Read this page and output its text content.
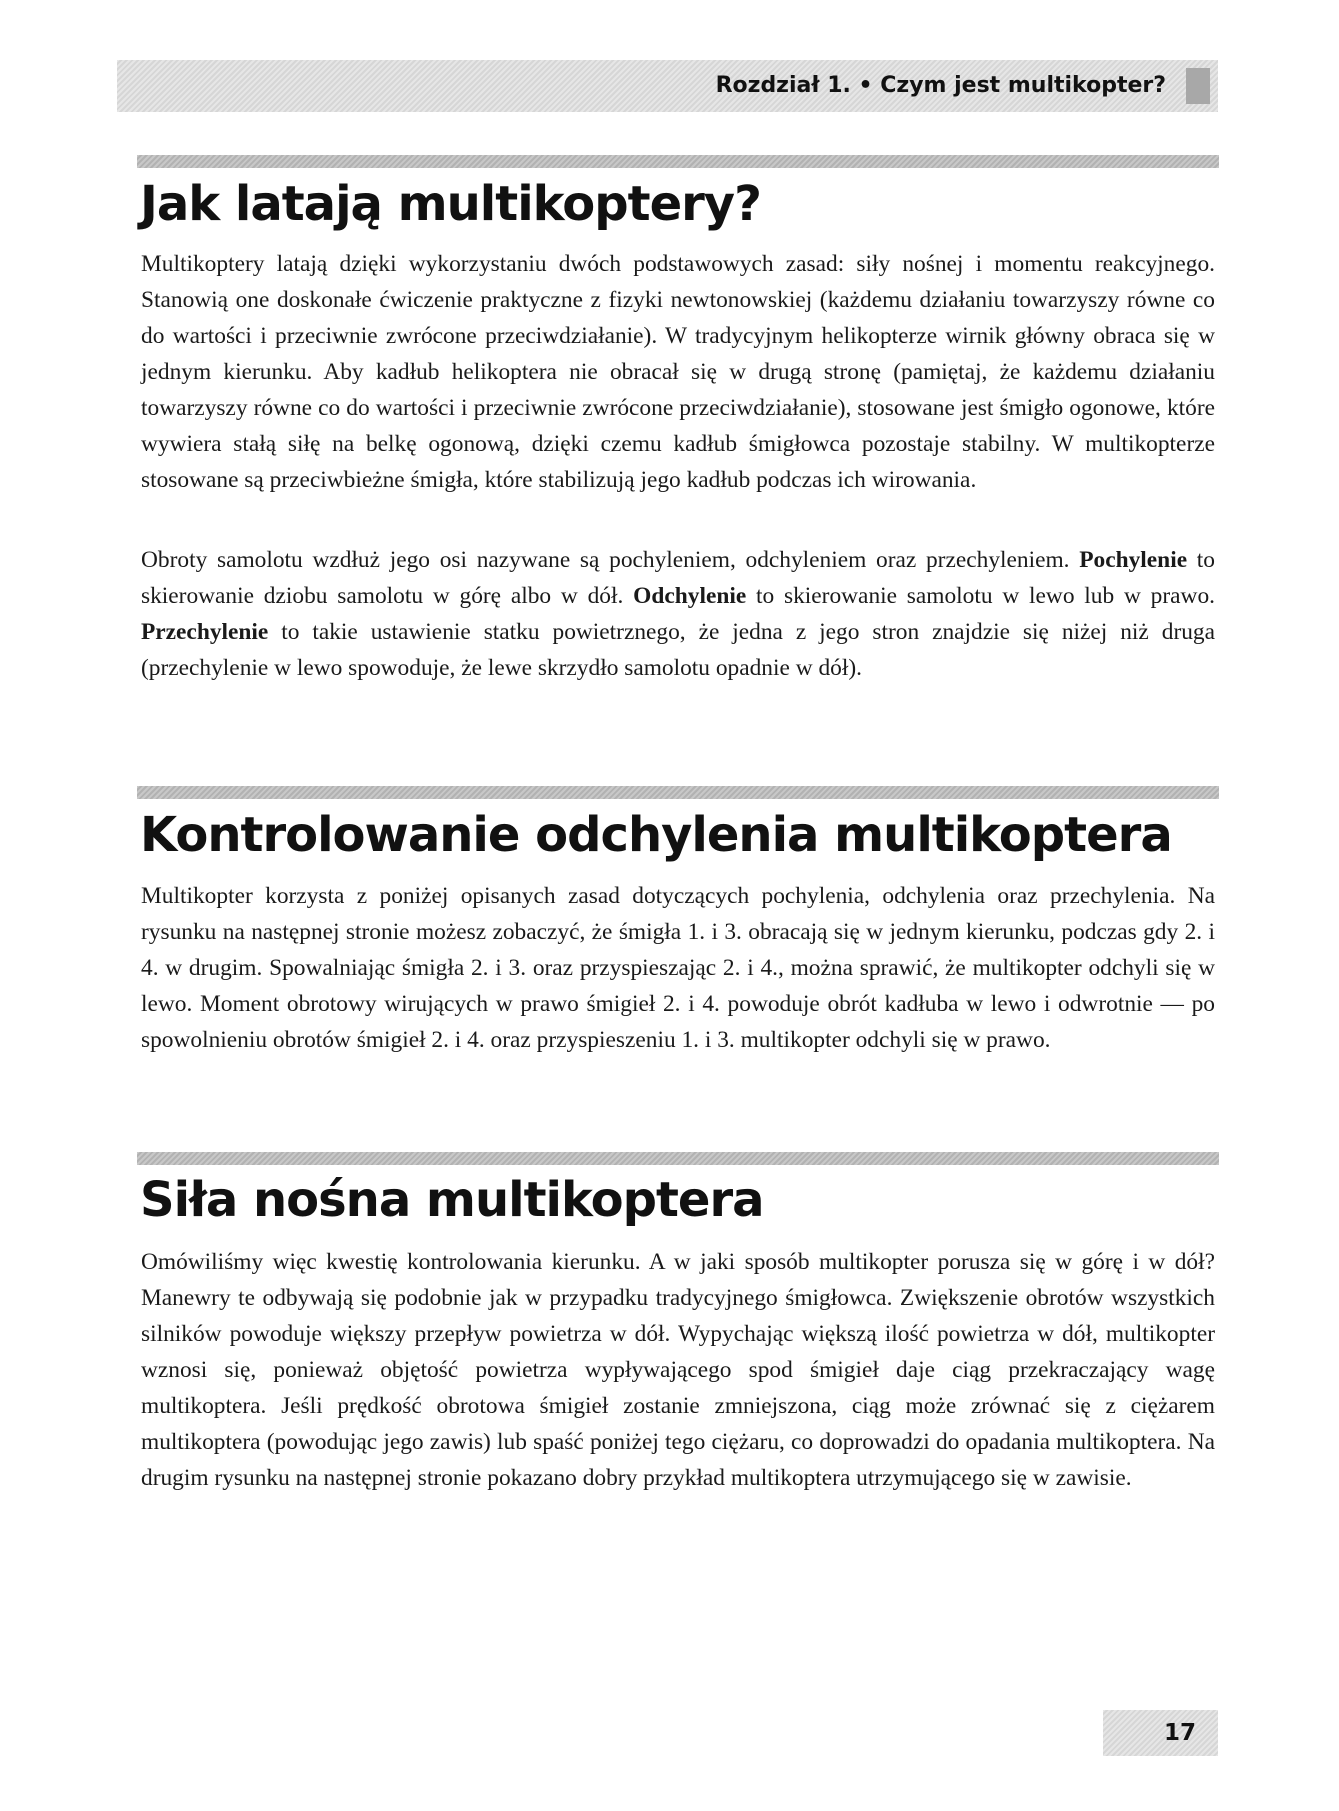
Rozdział 1. • Czym jest multikopter?
Jak latają multikoptery?

Multikoptery latają dzięki wykorzystaniu dwóch podstawowych zasad: siły nośnej i momentu reakcyjnego. Stanowią one doskonałe ćwiczenie praktyczne z fizyki newtonowskiej (każdemu działaniu towarzyszy równe co do wartości i przeciwnie zwrócone przeciwdziałanie). W tradycyjnym helikopterze wirnik główny obraca się w jednym kierunku. Aby kadłub helikoptera nie obracał się w drugą stronę (pamiętaj, że każdemu działaniu towarzyszy równe co do wartości i przeciwnie zwrócone przeciwdziałanie), stosowane jest śmigło ogonowe, które wywiera stałą siłę na belkę ogonową, dzięki czemu kadłub śmigłowca pozostaje stabilny. W multikopterze stosowane są przeciwbieżne śmigła, które stabilizują jego kadłub podczas ich wirowania.

Obroty samolotu wzdłuż jego osi nazywane są pochyleniem, odchyleniem oraz przechyleniem. Pochylenie to skierowanie dziobu samolotu w górę albo w dół. Odchylenie to skierowanie samolotu w lewo lub w prawo. Przechylenie to takie ustawienie statku powietrznego, że jedna z jego stron znajdzie się niżej niż druga (przechylenie w lewo spowoduje, że lewe skrzydło samolotu opadnie w dół).

Kontrolowanie odchylenia multikoptera

Multikopter korzysta z poniżej opisanych zasad dotyczących pochylenia, odchylenia oraz przechylenia. Na rysunku na następnej stronie możesz zobaczyć, że śmigła 1. i 3. obracają się w jednym kierunku, podczas gdy 2. i 4. w drugim. Spowalniając śmigła 2. i 3. oraz przyspieszając 2. i 4., można sprawić, że multikopter odchyli się w lewo. Moment obrotowy wirujących w prawo śmigieł 2. i 4. powoduje obrót kadłuba w lewo i odwrotnie — po spowolnieniu obrotów śmigieł 2. i 4. oraz przyspieszeniu 1. i 3. multikopter odchyli się w prawo.

Siła nośna multikoptera

Omówiliśmy więc kwestię kontrolowania kierunku. A w jaki sposób multikopter porusza się w górę i w dół? Manewry te odbywają się podobnie jak w przypadku tradycyjnego śmigłowca. Zwiększenie obrotów wszystkich silników powoduje większy przepływ powietrza w dół. Wypychając większą ilość powietrza w dół, multikopter wznosi się, ponieważ objętość powietrza wypływającego spod śmigieł daje ciąg przekraczający wagę multikoptera. Jeśli prędkość obrotowa śmigieł zostanie zmniejszona, ciąg może zrównać się z ciężarem multikoptera (powodując jego zawis) lub spaść poniżej tego ciężaru, co doprowadzi do opadania multikoptera. Na drugim rysunku na następnej stronie pokazano dobry przykład multikoptera utrzymującego się w zawisie.

17
